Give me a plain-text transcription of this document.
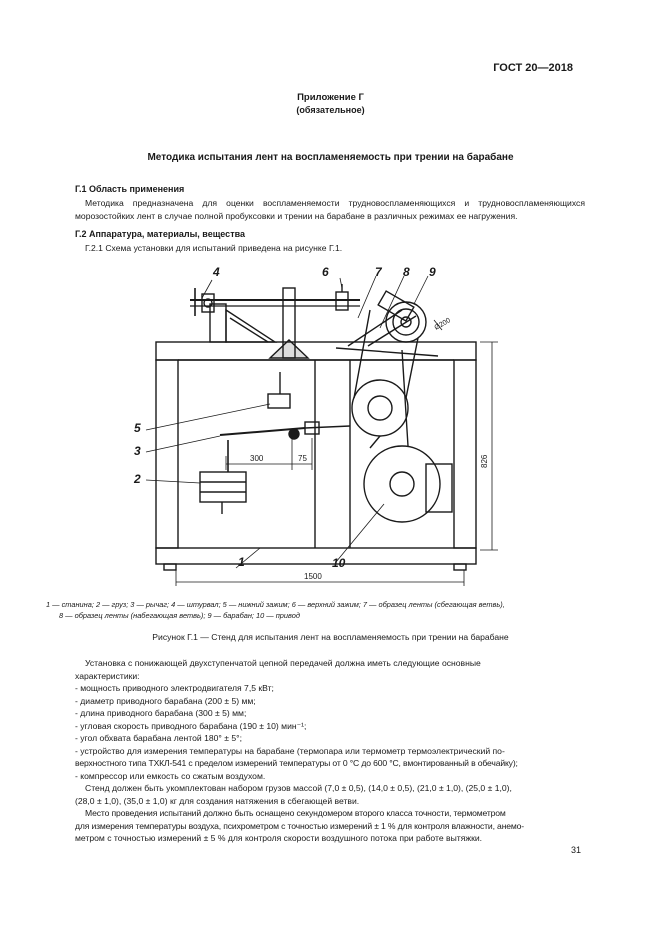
ГОСТ 20—2018
Приложение Г
(обязательное)
Методика испытания лент на воспламеняемость при трении на барабане
Г.1 Область применения
Методика предназначена для оценки воспламеняемости трудновоспламеняющихся и трудновоспламеняющихся морозостойких лент в случае полной пробуксовки и трении на барабане в различных режимах ее нагружения.
Г.2 Аппаратура, материалы, вещества
Г.2.1 Схема установки для испытаний приведена на рисунке Г.1.
4	6	7 8 9
5
3
2
1	10
300	75
1500
826
Ø200
1 — станина; 2 — груз; 3 — рычаг; 4 — штурвал; 5 — нижний зажим; 6 — верхний зажим; 7 — образец ленты (сбегающая ветвь),
8 — образец ленты (набегающая ветвь); 9 — барабан; 10 — привод
Рисунок Г.1 — Стенд для испытания лент на воспламеняемость при трении на барабане
Установка с понижающей двухступенчатой цепной передачей должна иметь следующие основные
характеристики:
- мощность приводного электродвигателя 7,5 кВт;
- диаметр приводного барабана (200 ± 5) мм;
- длина приводного барабана (300 ± 5) мм;
- угловая скорость приводного барабана (190 ± 10) мин⁻¹;
- угол обхвата барабана лентой 180° ± 5°;
- устройство для измерения температуры на барабане (термопара или термометр термоэлектрический по-
верхностного типа ТХКЛ-541 с пределом измерений температуры от 0 °С до 600 °С, вмонтированный в обечайку);
- компрессор или емкость со сжатым воздухом.
Стенд должен быть укомплектован набором грузов массой (7,0 ± 0,5), (14,0 ± 0,5), (21,0 ± 1,0), (25,0 ± 1,0),
(28,0 ± 1,0), (35,0 ± 1,0) кг для создания натяжения в сбегающей ветви.
Место проведения испытаний должно быть оснащено секундомером второго класса точности, термометром
для измерения температуры воздуха, психрометром с точностью измерений ± 1 % для контроля влажности, анемо-
метром с точностью измерений ± 5 % для контроля скорости воздушного потока при работе вытяжки.
31
